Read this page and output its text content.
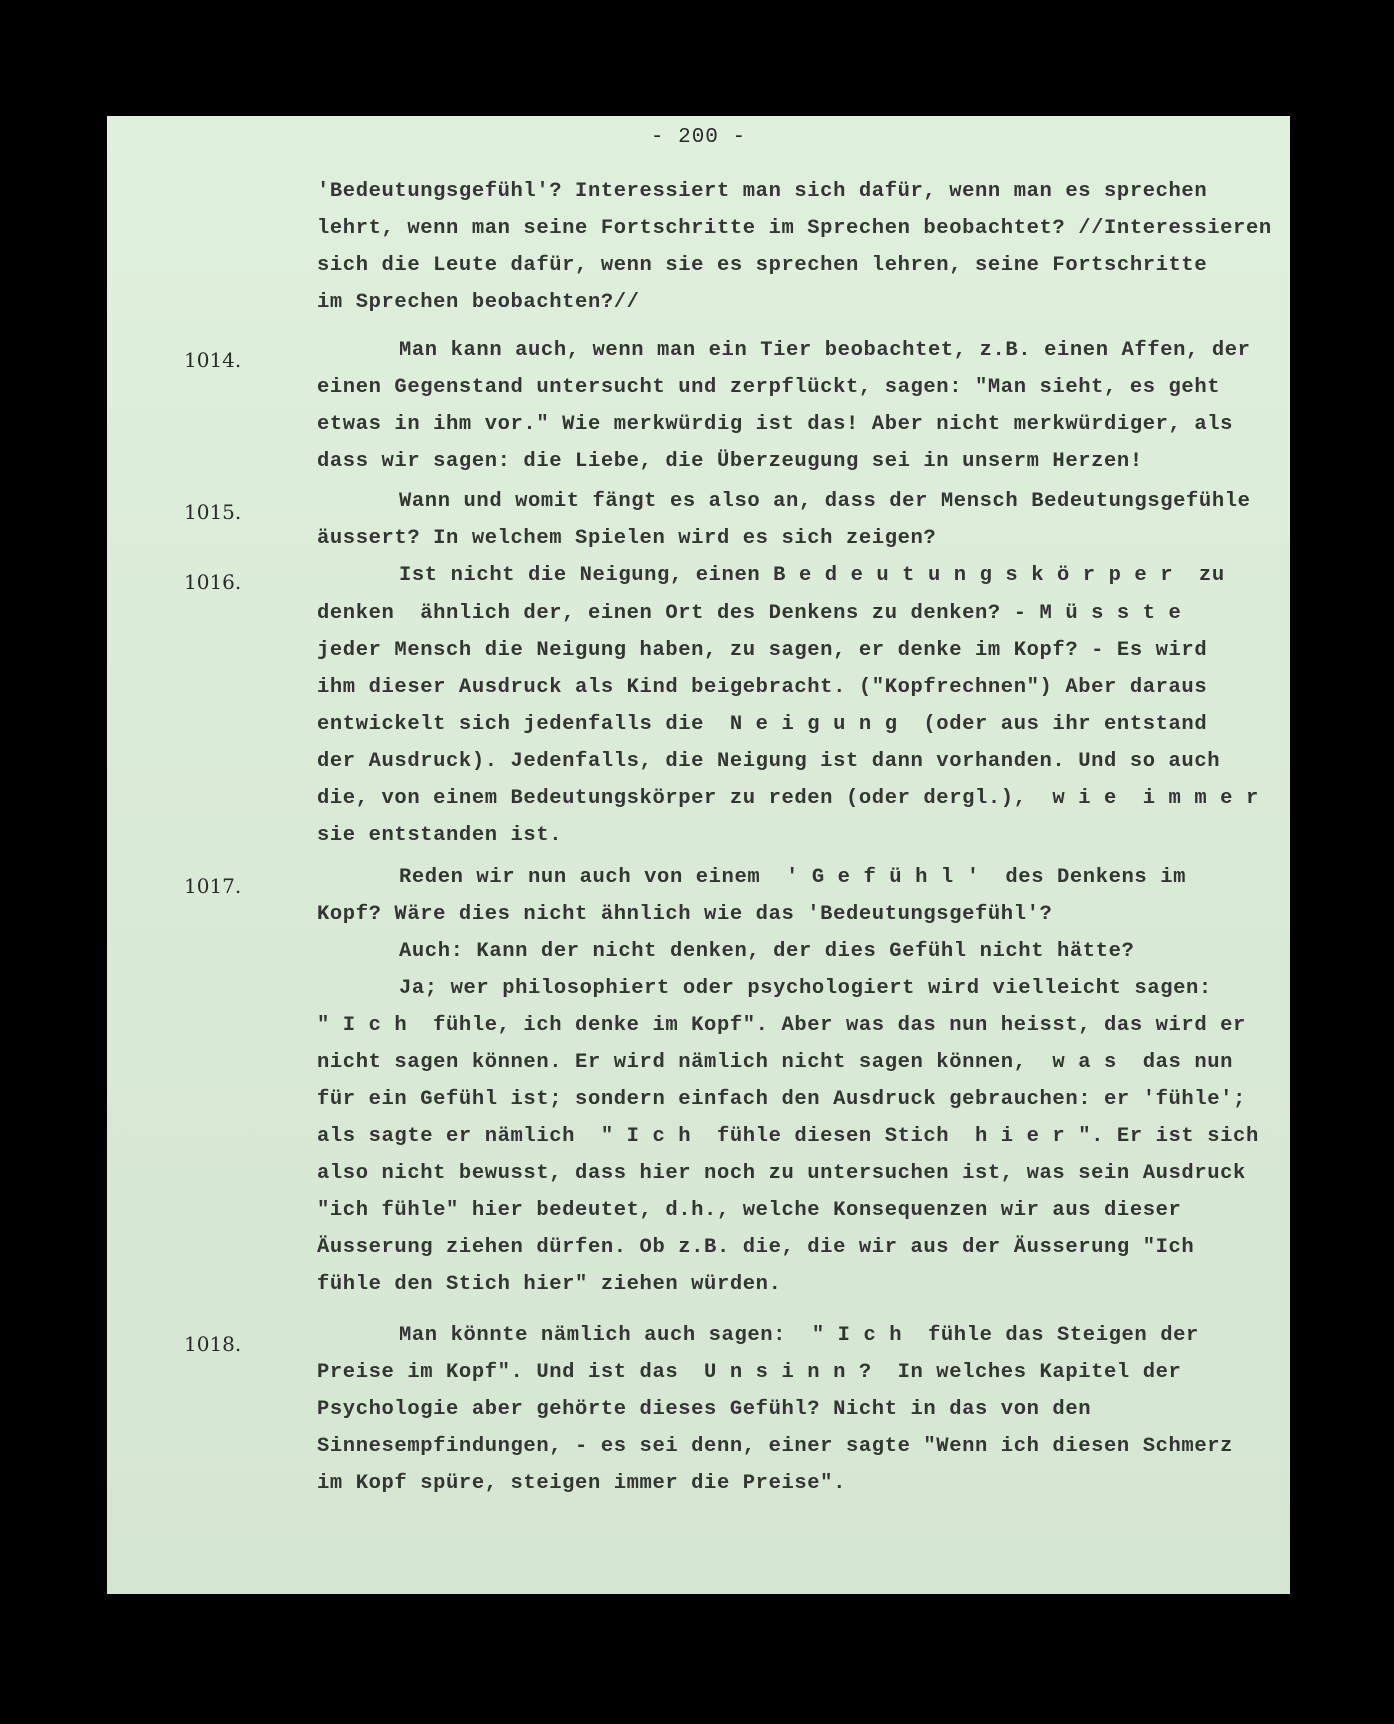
- 200 -
1014.
1015.
1016.
1017.
1018.
'Bedeutungsgefühl'? Interessiert man sich dafür, wenn man es sprechen
lehrt, wenn man seine Fortschritte im Sprechen beobachtet? //Interessieren
sich die Leute dafür, wenn sie es sprechen lehren, seine Fortschritte
im Sprechen beobachten?//
Man kann auch, wenn man ein Tier beobachtet, z.B. einen Affen, der
einen Gegenstand untersucht und zerpflückt, sagen: "Man sieht, es geht
etwas in ihm vor." Wie merkwürdig ist das! Aber nicht merkwürdiger, als
dass wir sagen: die Liebe, die Überzeugung sei in unserm Herzen!
Wann und womit fängt es also an, dass der Mensch Bedeutungsgefühle
äussert? In welchem Spielen wird es sich zeigen?
Ist nicht die Neigung, einen B e d e u t u n g s k ö r p e r  zu
denken  ähnlich der, einen Ort des Denkens zu denken? - M ü s s t e
jeder Mensch die Neigung haben, zu sagen, er denke im Kopf? - Es wird
ihm dieser Ausdruck als Kind beigebracht. ("Kopfrechnen") Aber daraus
entwickelt sich jedenfalls die  N e i g u n g  (oder aus ihr entstand
der Ausdruck). Jedenfalls, die Neigung ist dann vorhanden. Und so auch
die, von einem Bedeutungskörper zu reden (oder dergl.),  w i e  i m m e r
sie entstanden ist.
Reden wir nun auch von einem  ' G e f ü h l '  des Denkens im
Kopf? Wäre dies nicht ähnlich wie das 'Bedeutungsgefühl'?
Auch: Kann der nicht denken, der dies Gefühl nicht hätte?
Ja; wer philosophiert oder psychologiert wird vielleicht sagen:
" I c h  fühle, ich denke im Kopf". Aber was das nun heisst, das wird er
nicht sagen können. Er wird nämlich nicht sagen können,  w a s  das nun
für ein Gefühl ist; sondern einfach den Ausdruck gebrauchen: er 'fühle';
als sagte er nämlich  " I c h  fühle diesen Stich  h i e r ". Er ist sich
also nicht bewusst, dass hier noch zu untersuchen ist, was sein Ausdruck
"ich fühle" hier bedeutet, d.h., welche Konsequenzen wir aus dieser
Äusserung ziehen dürfen. Ob z.B. die, die wir aus der Äusserung "Ich
fühle den Stich hier" ziehen würden.
Man könnte nämlich auch sagen:  " I c h  fühle das Steigen der
Preise im Kopf". Und ist das  U n s i n n ?  In welches Kapitel der
Psychologie aber gehörte dieses Gefühl? Nicht in das von den
Sinnesempfindungen, - es sei denn, einer sagte "Wenn ich diesen Schmerz
im Kopf spüre, steigen immer die Preise".
